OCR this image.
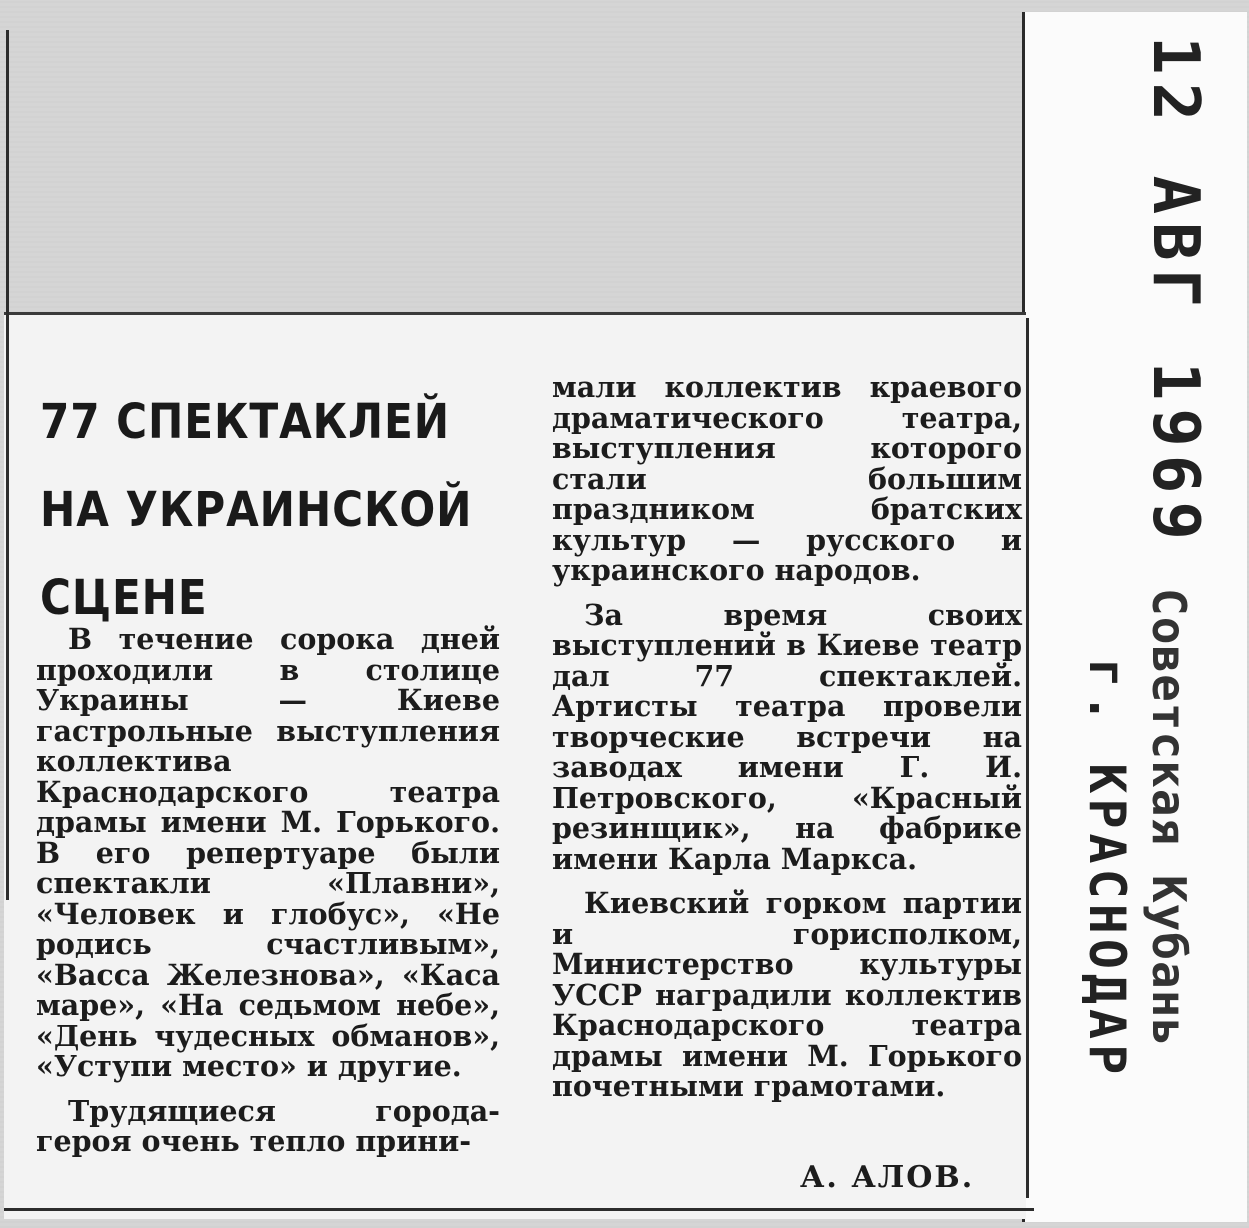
12 АВГ 1969
Советская Кубань
г. КРАСНОДАР
77 СПЕКТАКЛЕЙ
НА УКРАИНСКОЙ
СЦЕНЕ

В течение сорока дней проходили в столице Украины — Киеве гастрольные выступления коллектива Краснодарского театра драмы имени М. Горького. В его репертуаре были спектакли «Плавни», «Человек и глобус», «Не родись счастливым», «Васса Железнова», «Каса маре», «На седьмом небе», «День чудесных обманов», «Уступи место» и другие.

Трудящиеся города-героя очень тепло прини-

мали коллектив краевого драматического театра, выступления которого стали большим праздником братских культур — русского и украинского народов.

За время своих выступлений в Киеве театр дал 77 спектаклей. Артисты театра провели творческие встречи на заводах имени Г. И. Петровского, «Красный резинщик», на фабрике имени Карла Маркса.

Киевский горком партии и горисполком, Министерство культуры УССР наградили коллектив Краснодарского театра драмы имени М. Горького почетными грамотами.

А. АЛОВ.
